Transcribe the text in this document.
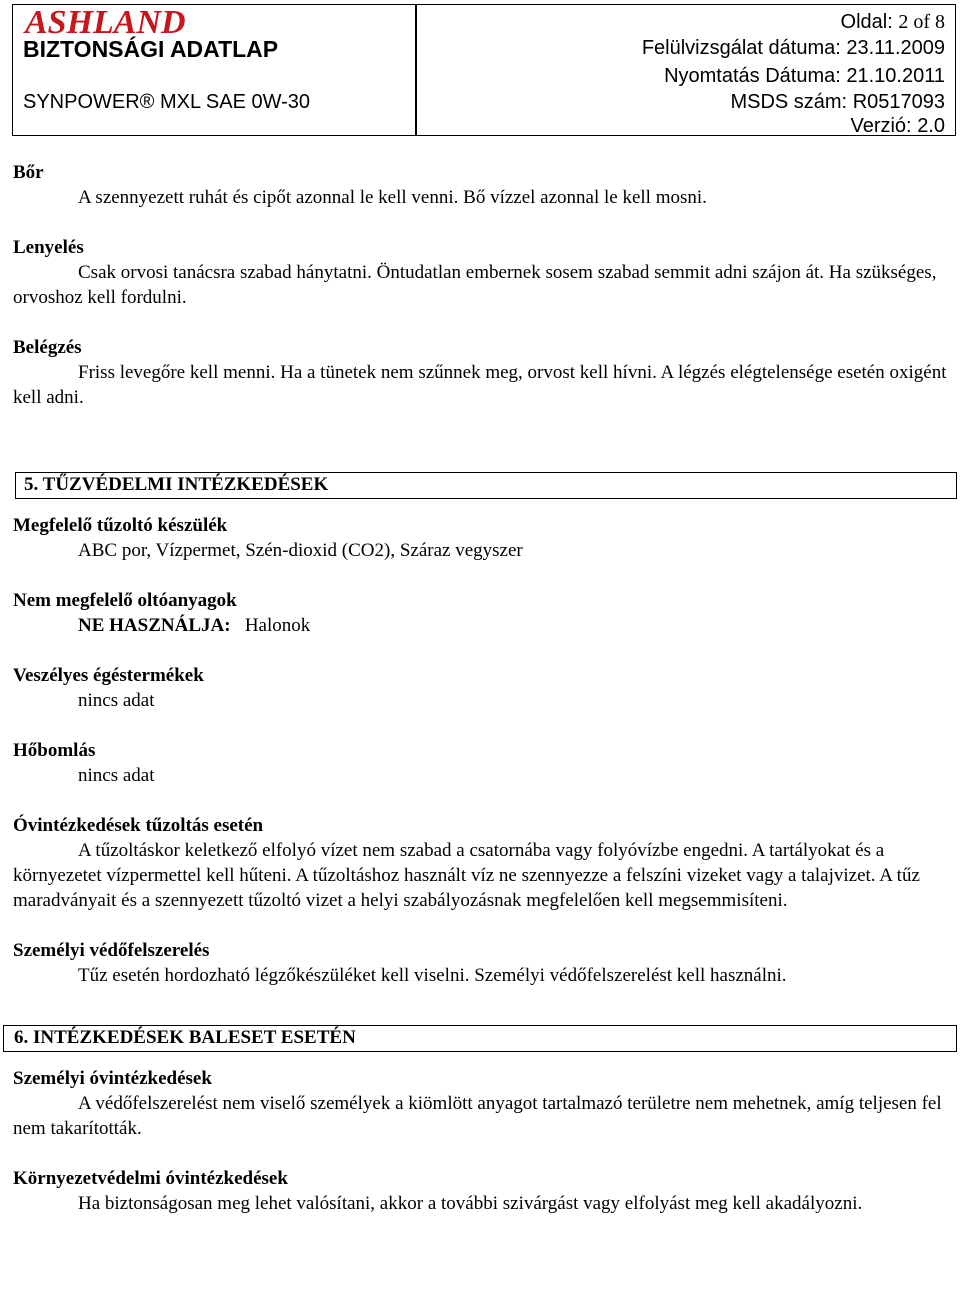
ASHLAND
BIZTONSÁGI ADATLAP
SYNPOWER® MXL SAE 0W-30
Oldal: 2 of 8
Felülvizsgálat dátuma: 23.11.2009
Nyomtatás Dátuma: 21.10.2011
MSDS szám: R0517093
Verzió: 2.0

Bőr

A szennyezett ruhát és cipőt azonnal le kell venni. Bő vízzel azonnal le kell mosni.

Lenyelés

Csak orvosi tanácsra szabad hánytatni. Öntudatlan embernek sosem szabad semmit adni szájon át. Ha szükséges, orvoshoz kell fordulni.

Belégzés

Friss levegőre kell menni. Ha a tünetek nem szűnnek meg, orvost kell hívni. A légzés elégtelensége esetén oxigént kell adni.

5. TŰZVÉDELMI INTÉZKEDÉSEK

Megfelelő tűzoltó készülék

ABC por, Vízpermet, Szén-dioxid (CO2), Száraz vegyszer

Nem megfelelő oltóanyagok

NE HASZNÁLJA: Halonok

Veszélyes égéstermékek

nincs adat

Hőbomlás

nincs adat

Óvintézkedések tűzoltás esetén

A tűzoltáskor keletkező elfolyó vízet nem szabad a csatornába vagy folyóvízbe engedni. A tartályokat és a környezetet vízpermettel kell hűteni. A tűzoltáshoz használt víz ne szennyezze a felszíni vizeket vagy a talajvizet. A tűz maradványait és a szennyezett tűzoltó vizet a helyi szabályozásnak megfelelően kell megsemmisíteni.

Személyi védőfelszerelés

Tűz esetén hordozható légzőkészüléket kell viselni. Személyi védőfelszerelést kell használni.

6. INTÉZKEDÉSEK BALESET ESETÉN

Személyi óvintézkedések

A védőfelszerelést nem viselő személyek a kiömlött anyagot tartalmazó területre nem mehetnek, amíg teljesen fel nem takarították.

Környezetvédelmi óvintézkedések

Ha biztonságosan meg lehet valósítani, akkor a további szivárgást vagy elfolyást meg kell akadályozni.
